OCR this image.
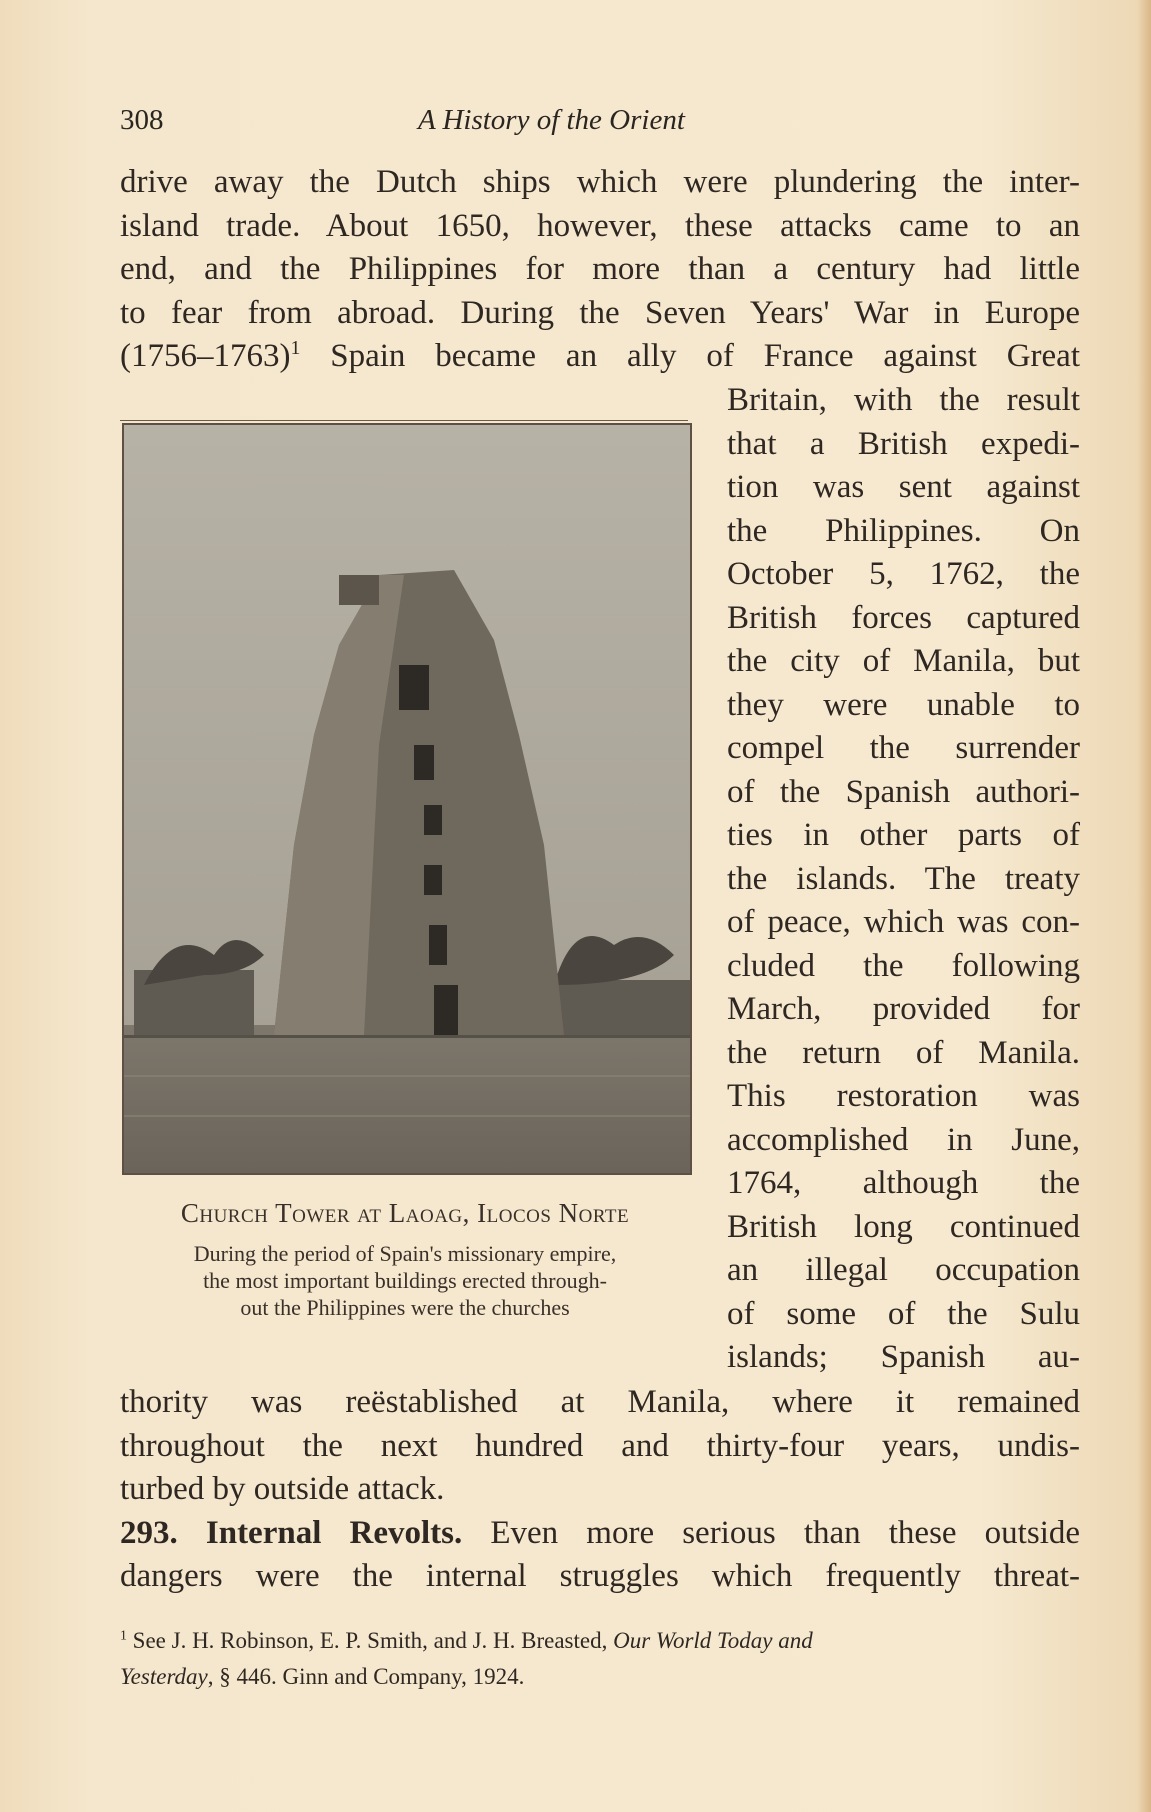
308	A History of the Orient
drive away the Dutch ships which were plundering the inter-
island trade. About 1650, however, these attacks came to an
end, and the Philippines for more than a century had little
to fear from abroad. During the Seven Years' War in Europe
(1756–1763)$^1$ Spain became an ally of France against Great
Britain, with the result
that a British expedi-
tion was sent against
the Philippines. On
October 5, 1762, the
British forces captured
the city of Manila, but
they were unable to
compel the surrender
of the Spanish authori-
ties in other parts of
the islands. The treaty
of peace, which was con-
cluded the following
March, provided for
the return of Manila.
This restoration was
accomplished in June,
1764, although the
British long continued
an illegal occupation
of some of the Sulu
islands; Spanish au-
Church Tower at Laoag, Ilocos Norte
During the period of Spain's missionary empire,
the most important buildings erected through-
out the Philippines were the churches
thority was reëstablished at Manila, where it remained
throughout the next hundred and thirty-four years, undis-
turbed by outside attack.
293. Internal Revolts. Even more serious than these outside
dangers were the internal struggles which frequently threat-
$^1$ See J. H. Robinson, E. P. Smith, and J. H. Breasted, Our World Today and
Yesterday, § 446. Ginn and Company, 1924.
